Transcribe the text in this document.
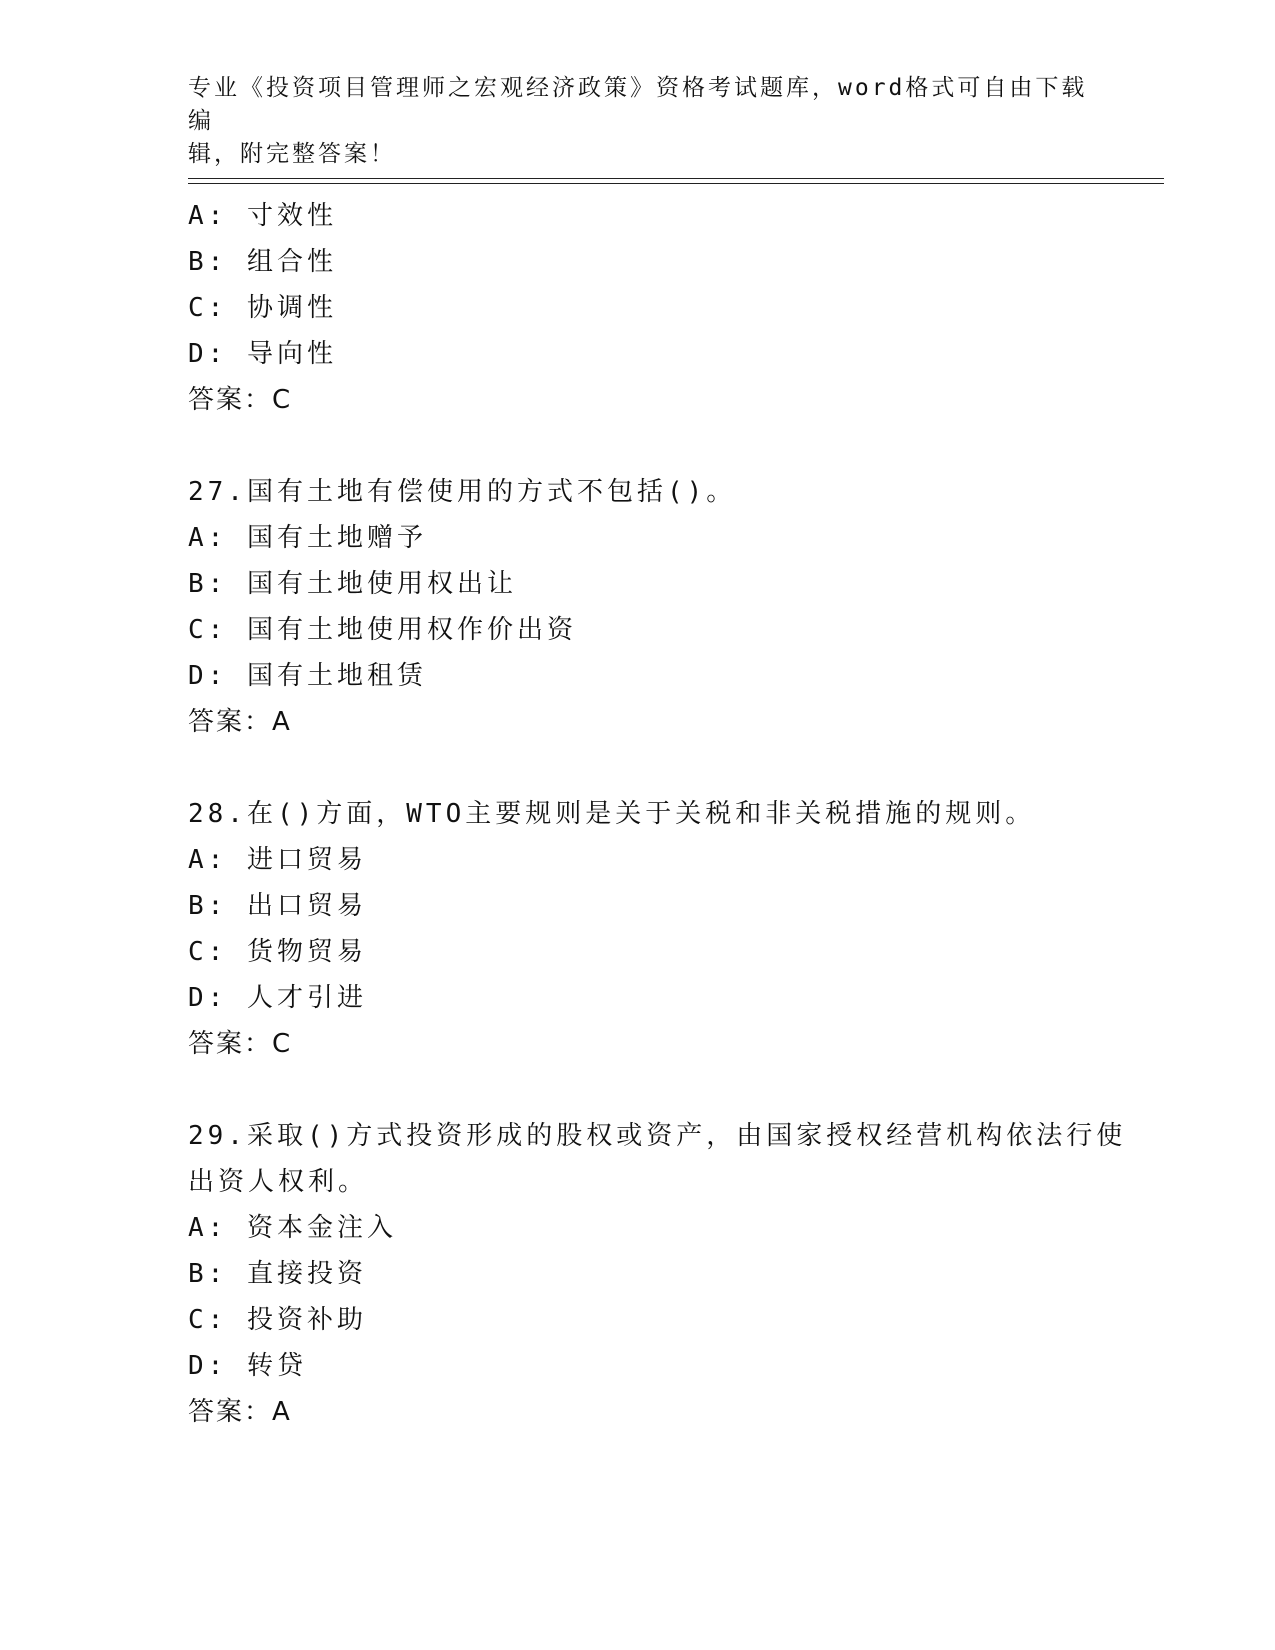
专业《投资项目管理师之宏观经济政策》资格考试题库，word格式可自由下载编
辑，附完整答案！
A: 寸效性
B: 组合性
C: 协调性
D: 导向性
答案：C
27.国有土地有偿使用的方式不包括()。
A: 国有土地赠予
B: 国有土地使用权出让
C: 国有土地使用权作价出资
D: 国有土地租赁
答案：A
28.在()方面，WTO主要规则是关于关税和非关税措施的规则。
A: 进口贸易
B: 出口贸易
C: 货物贸易
D: 人才引进
答案：C
29.采取()方式投资形成的股权或资产，由国家授权经营机构依法行使
出资人权利。
A: 资本金注入
B: 直接投资
C: 投资补助
D: 转贷
答案：A
